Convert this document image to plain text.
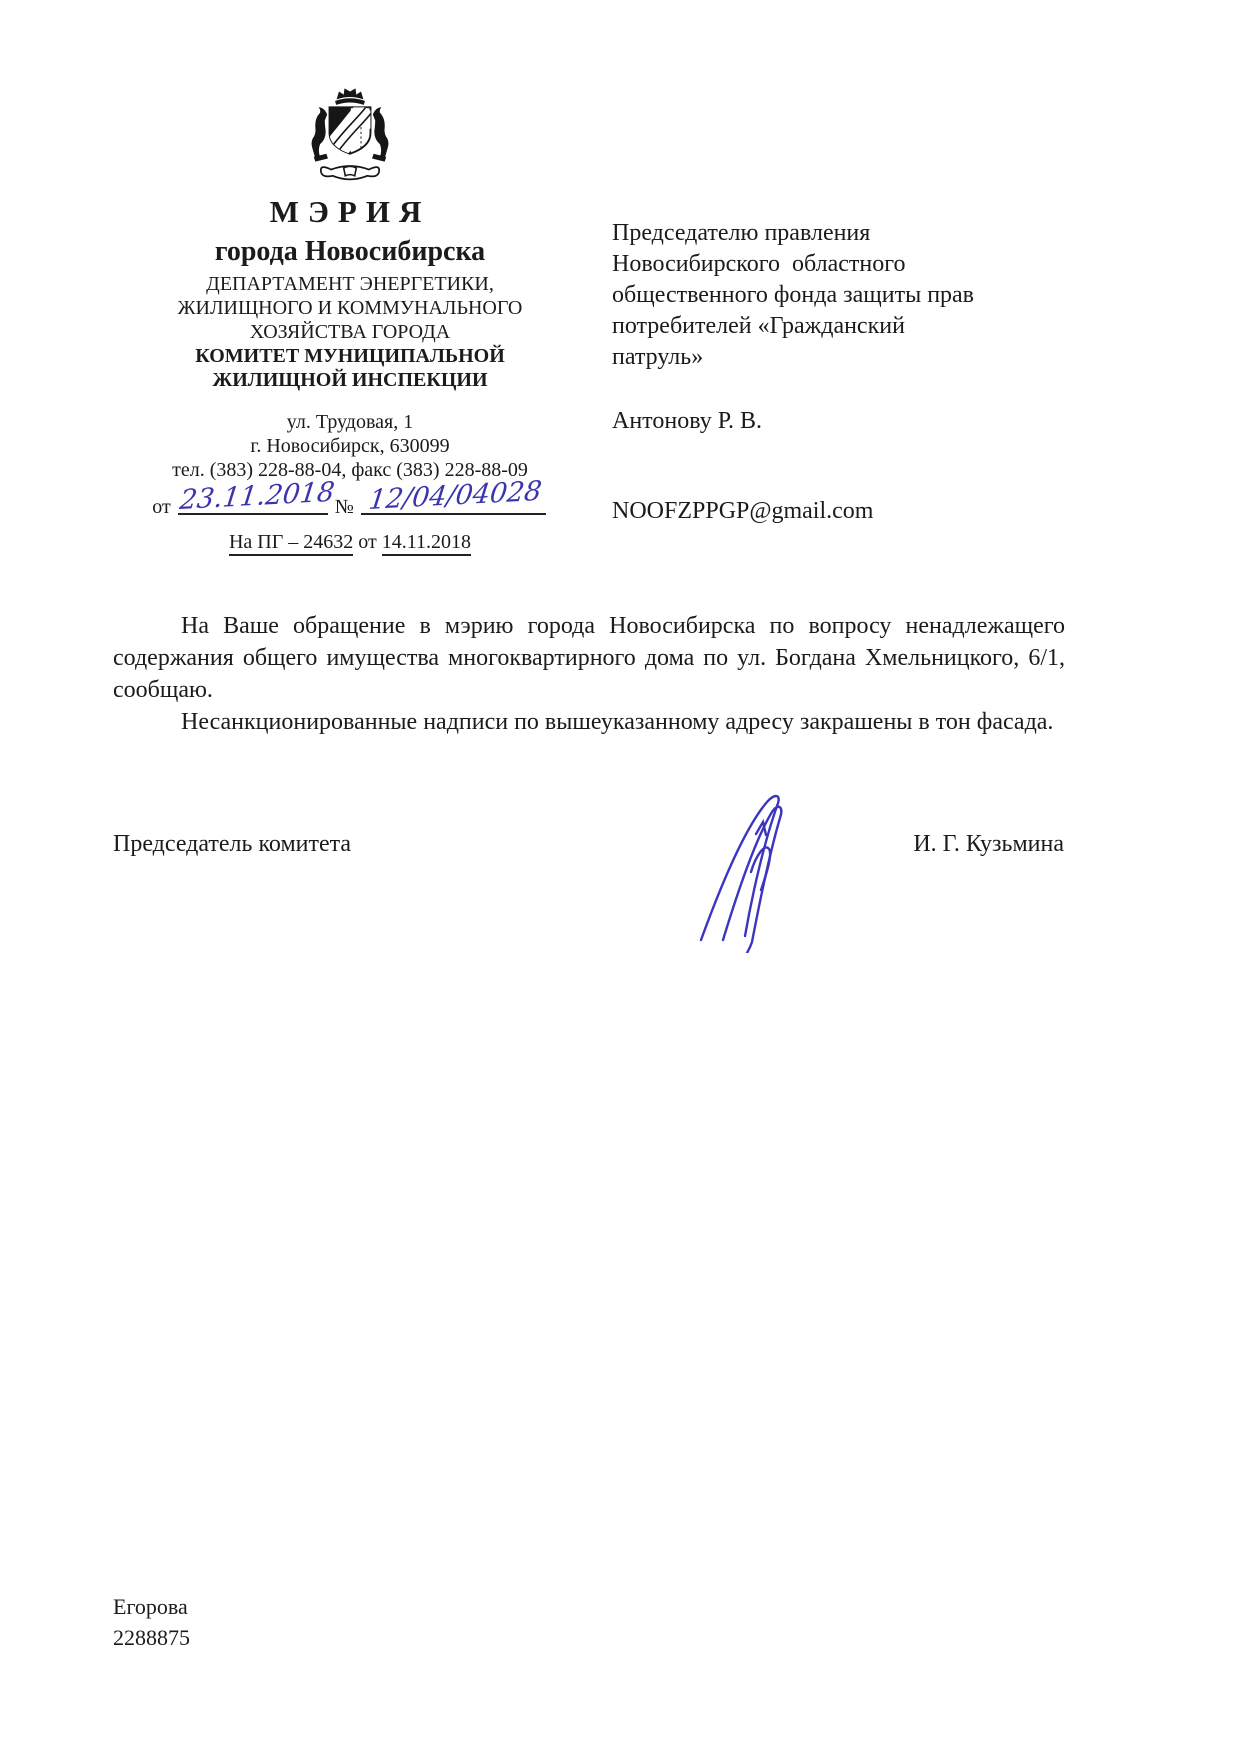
МЭРИЯ
города Новосибирска
ДЕПАРТАМЕНТ ЭНЕРГЕТИКИ,
ЖИЛИЩНОГО И КОММУНАЛЬНОГО
ХОЗЯЙСТВА ГОРОДА
КОМИТЕТ МУНИЦИПАЛЬНОЙ
ЖИЛИЩНОЙ ИНСПЕКЦИИ
ул. Трудовая, 1
г. Новосибирск, 630099
тел. (383) 228-88-04, факс (383) 228-88-09
от 23.11.2018 № 12/04/04028
На ПГ – 24632 от 14.11.2018
Председателю правления
Новосибирского  областного
общественного фонда защиты прав
потребителей «Гражданский
патруль»
Антонову Р. В.
NOOFZPPGP@gmail.com

На Ваше обращение в мэрию города Новосибирска по вопросу ненадлежащего содержания общего имущества многоквартирного дома по ул. Богдана Хмельницкого, 6/1, сообщаю.

Несанкционированные надписи по вышеуказанному адресу закрашены в тон фасада.

Председатель комитета	И. Г. Кузьмина
Егорова
2288875
